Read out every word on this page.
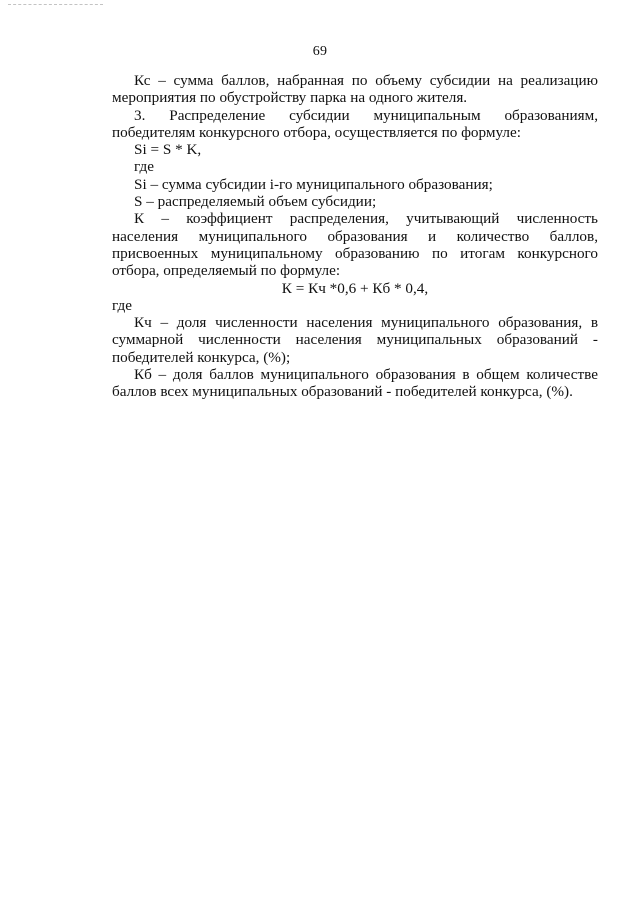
69

Кс – сумма баллов, набранная по объему субсидии на реализацию мероприятия по обустройству парка на одного жителя.

3. Распределение субсидии муниципальным образованиям, победителям конкурсного отбора, осуществляется по формуле:

Si = S * K,

где

Si – сумма субсидии i-го муниципального образования;

S – распределяемый объем субсидии;

К – коэффициент распределения, учитывающий численность населения муниципального образования и количество баллов, присвоенных муниципальному образованию по итогам конкурсного отбора, определяемый по формуле:

К = Кч *0,6 + Кб * 0,4,

где

Кч – доля численности населения муниципального образования, в суммарной численности населения муниципальных образований - победителей конкурса, (%);

Кб – доля баллов муниципального образования в общем количестве баллов всех муниципальных образований - победителей конкурса, (%).
